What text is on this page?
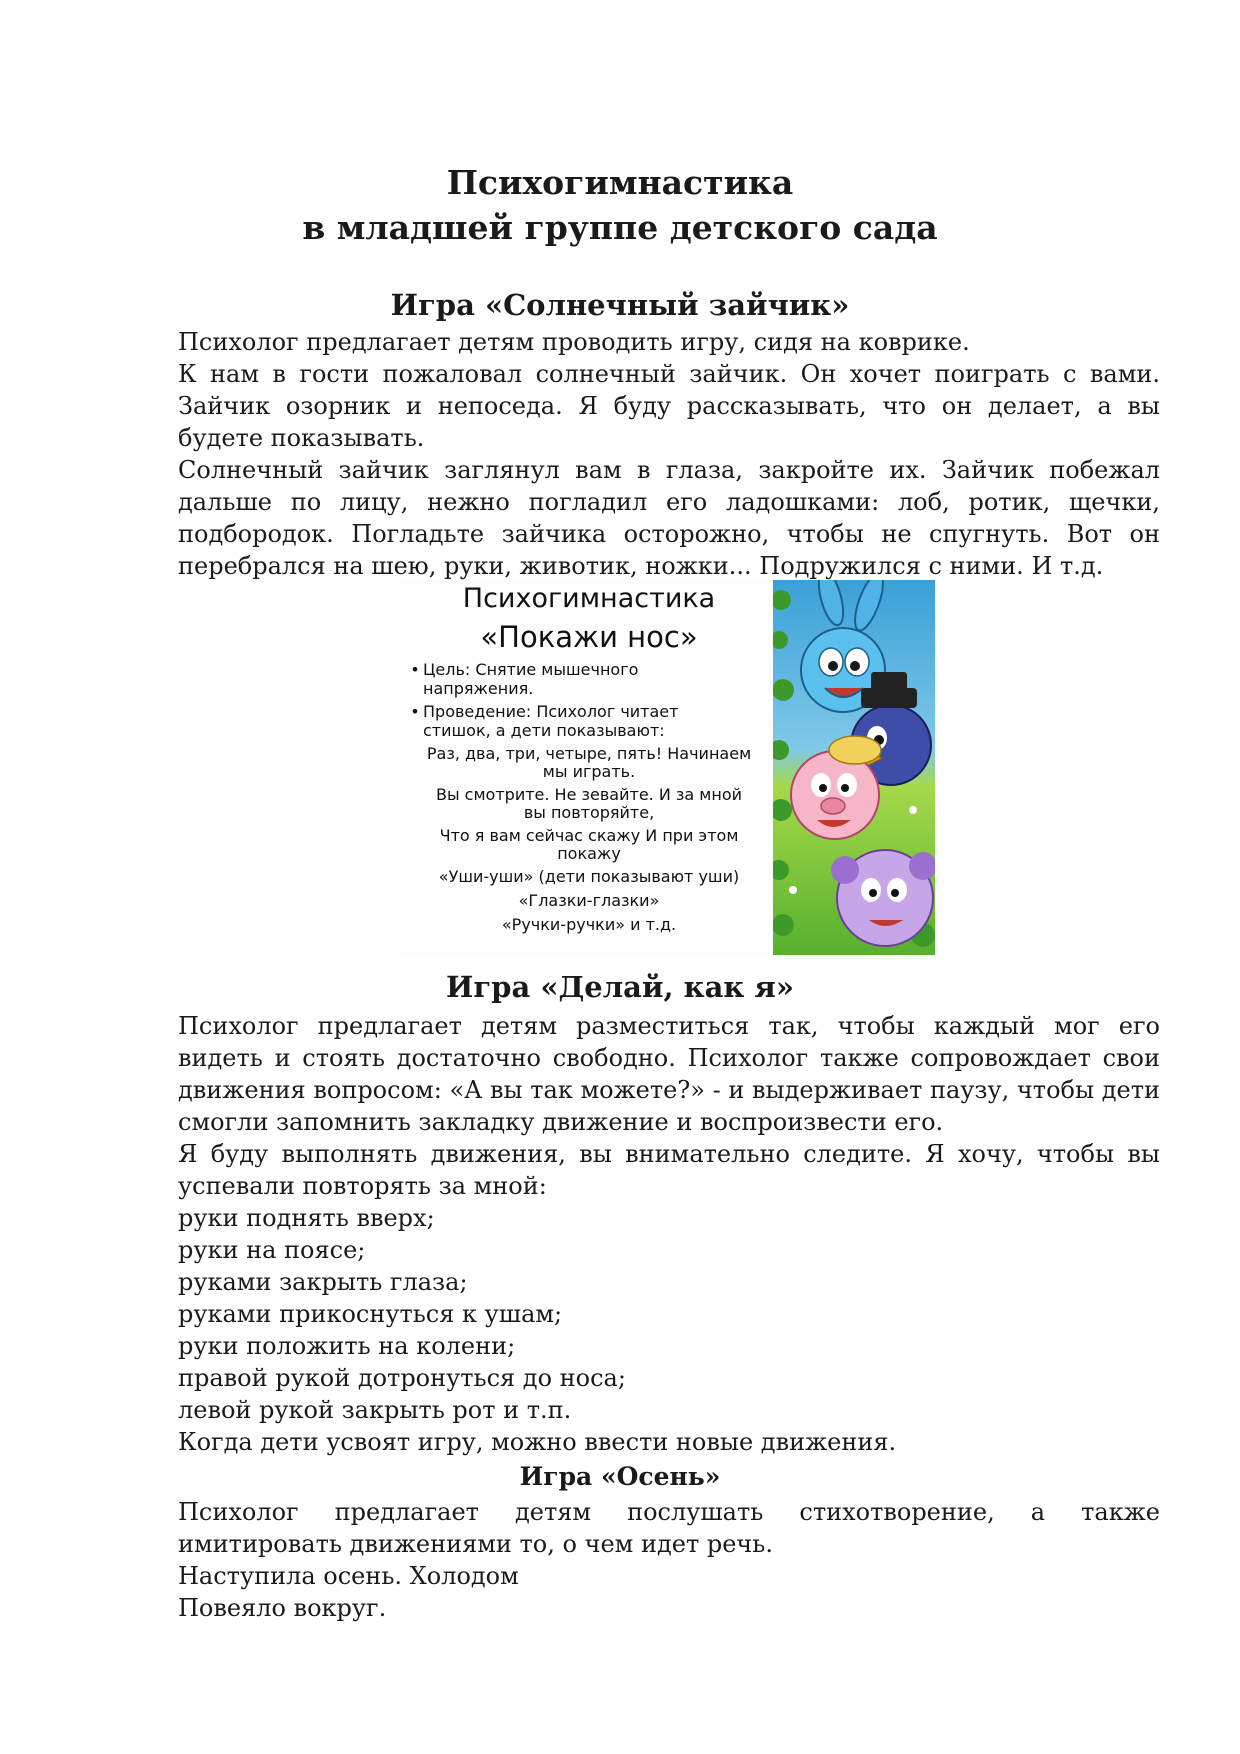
Психогимнастика
в младшей группе детского сада
Игра «Солнечный зайчик»

Психолог предлагает детям проводить игру, сидя на коврике.

К нам в гости пожаловал солнечный зайчик. Он хочет поиграть с вами. Зайчик озорник и непоседа. Я буду рассказывать, что он делает, а вы будете показывать.

Солнечный зайчик заглянул вам в глаза, закройте их. Зайчик побежал дальше по лицу, нежно погладил его ладошками: лоб, ротик, щечки, подбородок. Погладьте зайчика осторожно, чтобы не спугнуть. Вот он перебрался на шею, руки, животик, ножки... Подружился с ними. И т.д.

Психогимнастика
«Покажи нос»
• Цель: Снятие мышечного
напряжения.
• Проведение: Психолог читает
стишок, а дети показывают:
Раз, два, три, четыре, пять! Начинаем
мы играть.
Вы смотрите. Не зевайте. И за мной
вы повторяйте,
Что я вам сейчас скажу И при этом
покажу
«Уши-уши» (дети показывают уши)
«Глазки-глазки»
«Ручки-ручки» и т.д.
Игра «Делай, как я»

Психолог предлагает детям разместиться так, чтобы каждый мог его видеть и стоять достаточно свободно. Психолог также сопровождает свои движения вопросом: «А вы так можете?» - и выдерживает паузу, чтобы дети смогли запомнить закладку движение и воспроизвести его.

Я буду выполнять движения, вы внимательно следите. Я хочу, чтобы вы успевали повторять за мной:

руки поднять вверх;
руки на поясе;
руками закрыть глаза;
руками прикоснуться к ушам;
руки положить на колени;
правой рукой дотронуться до носа;
левой рукой закрыть рот и т.п.
Когда дети усвоят игру, можно ввести новые движения.
Игра «Осень»

Психолог предлагает детям послушать стихотворение, а также имитировать движениями то, о чем идет речь.

Наступила осень. Холодом
Повеяло вокруг.
